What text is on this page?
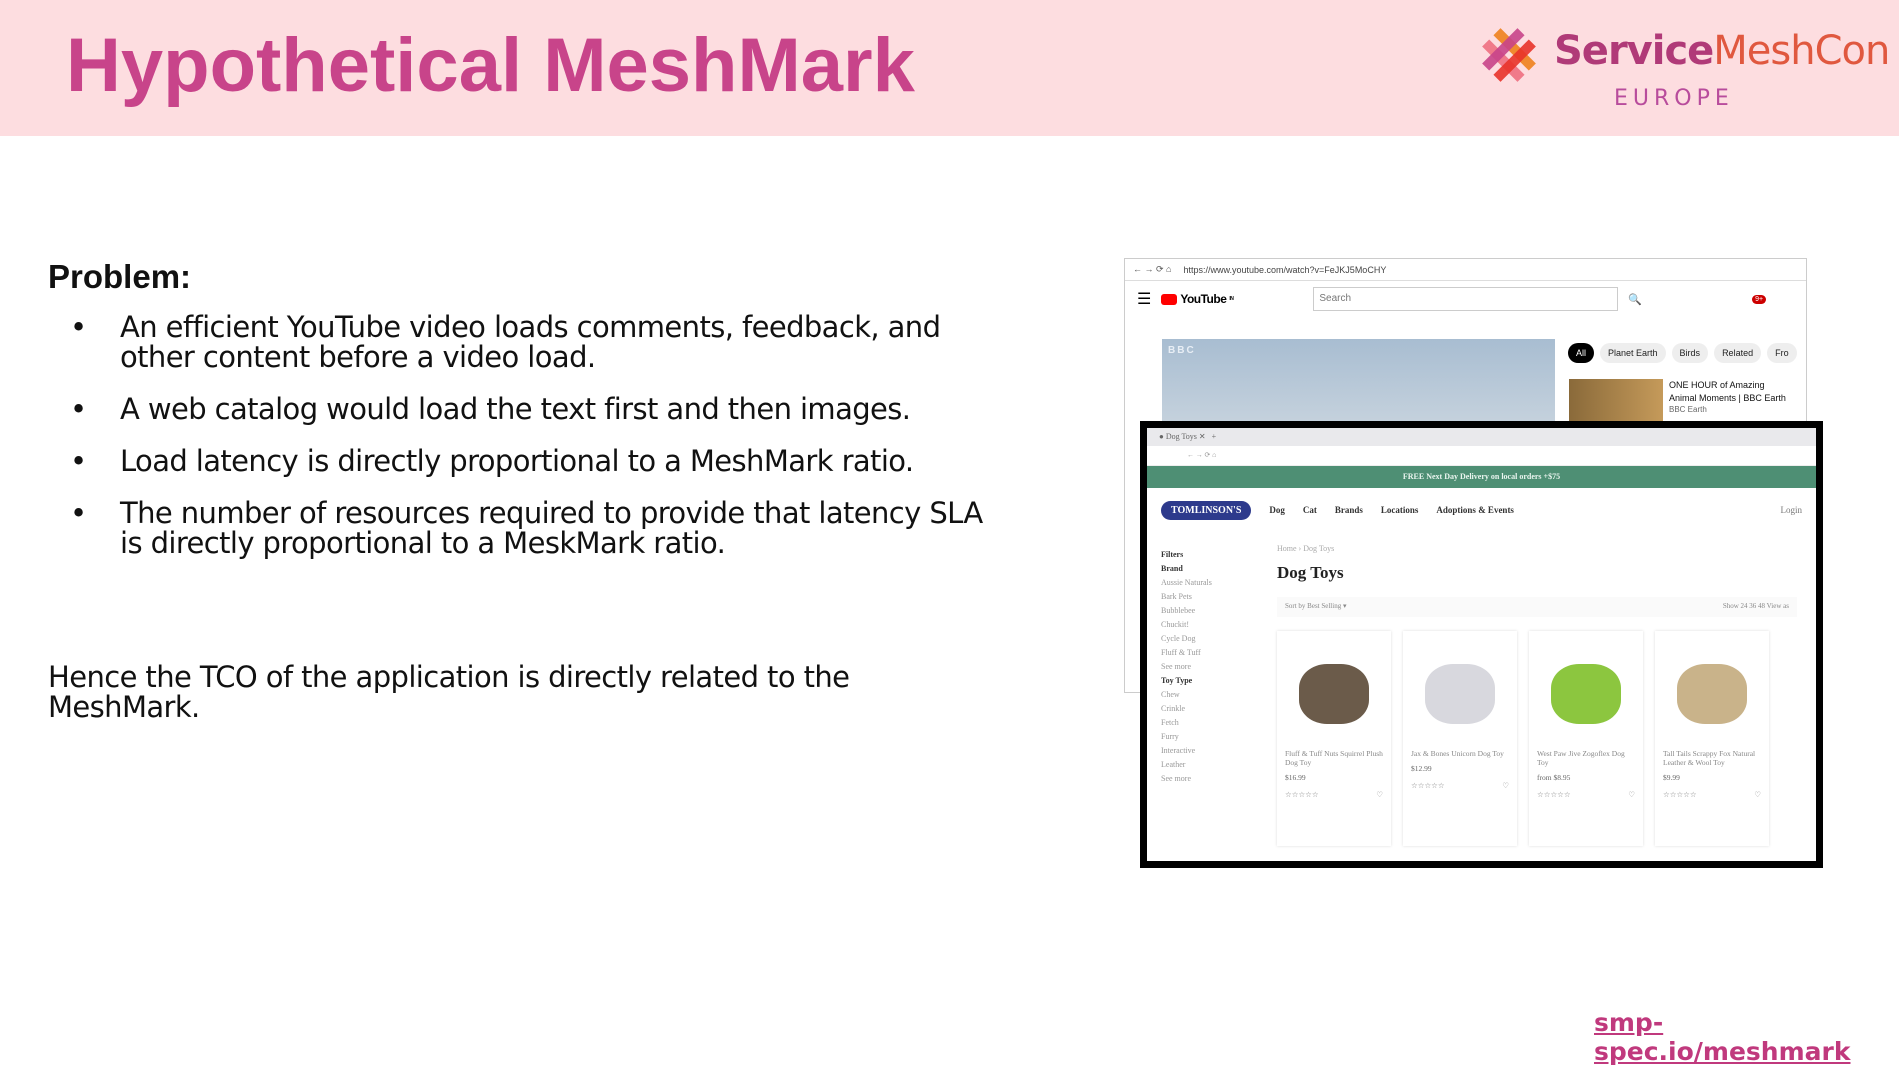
Hypothetical MeshMark	ServiceMeshCon
EUROPE
Problem:
• An efficient YouTube video loads comments, feedback, and other content before a video load.
• A web catalog would load the text first and then images.
• Load latency is directly proportional to a MeshMark ratio.
• The number of resources required to provide that latency SLA is directly proportional to a MeskMark ratio.
Hence the TCO of the application is directly related to the MeshMark.
smp-spec.io/meshmark
← → ⟳ ⌂ https://www.youtube.com/watch?v=FeJKJ5MoCHY
☰ YouTube IN	Search	🔍	9+
BBC	All	Planet Earth	Birds	Related	Fro
ONE HOUR of Amazing Animal Moments | BBC Earth
BBC Earth
● Dog Toys ✕   +
← → ⟳ ⌂
FREE Next Day Delivery on local orders +$75
TOMLINSON'S	Dog Cat Brands Locations Adoptions & Events	Login
Filters
Brand
Aussie Naturals
Bark Pets
Bubblebee
Chuckit!
Cycle Dog
Fluff & Tuff
See more
Toy Type
Chew
Crinkle
Fetch
Furry
Interactive
Leather
See more
Home › Dog Toys
Dog Toys
Sort by Best Selling ▾	Show 24 36 48 View as
Fluff & Tuff Nuts Squirrel Plush Dog Toy
$16.99
☆☆☆☆☆	♡
Jax & Bones Unicorn Dog Toy
$12.99
☆☆☆☆☆	♡
West Paw Jive Zogoflex Dog Toy
from $8.95
☆☆☆☆☆	♡
Tall Tails Scrappy Fox Natural Leather & Wool Toy
$9.99
☆☆☆☆☆	♡
